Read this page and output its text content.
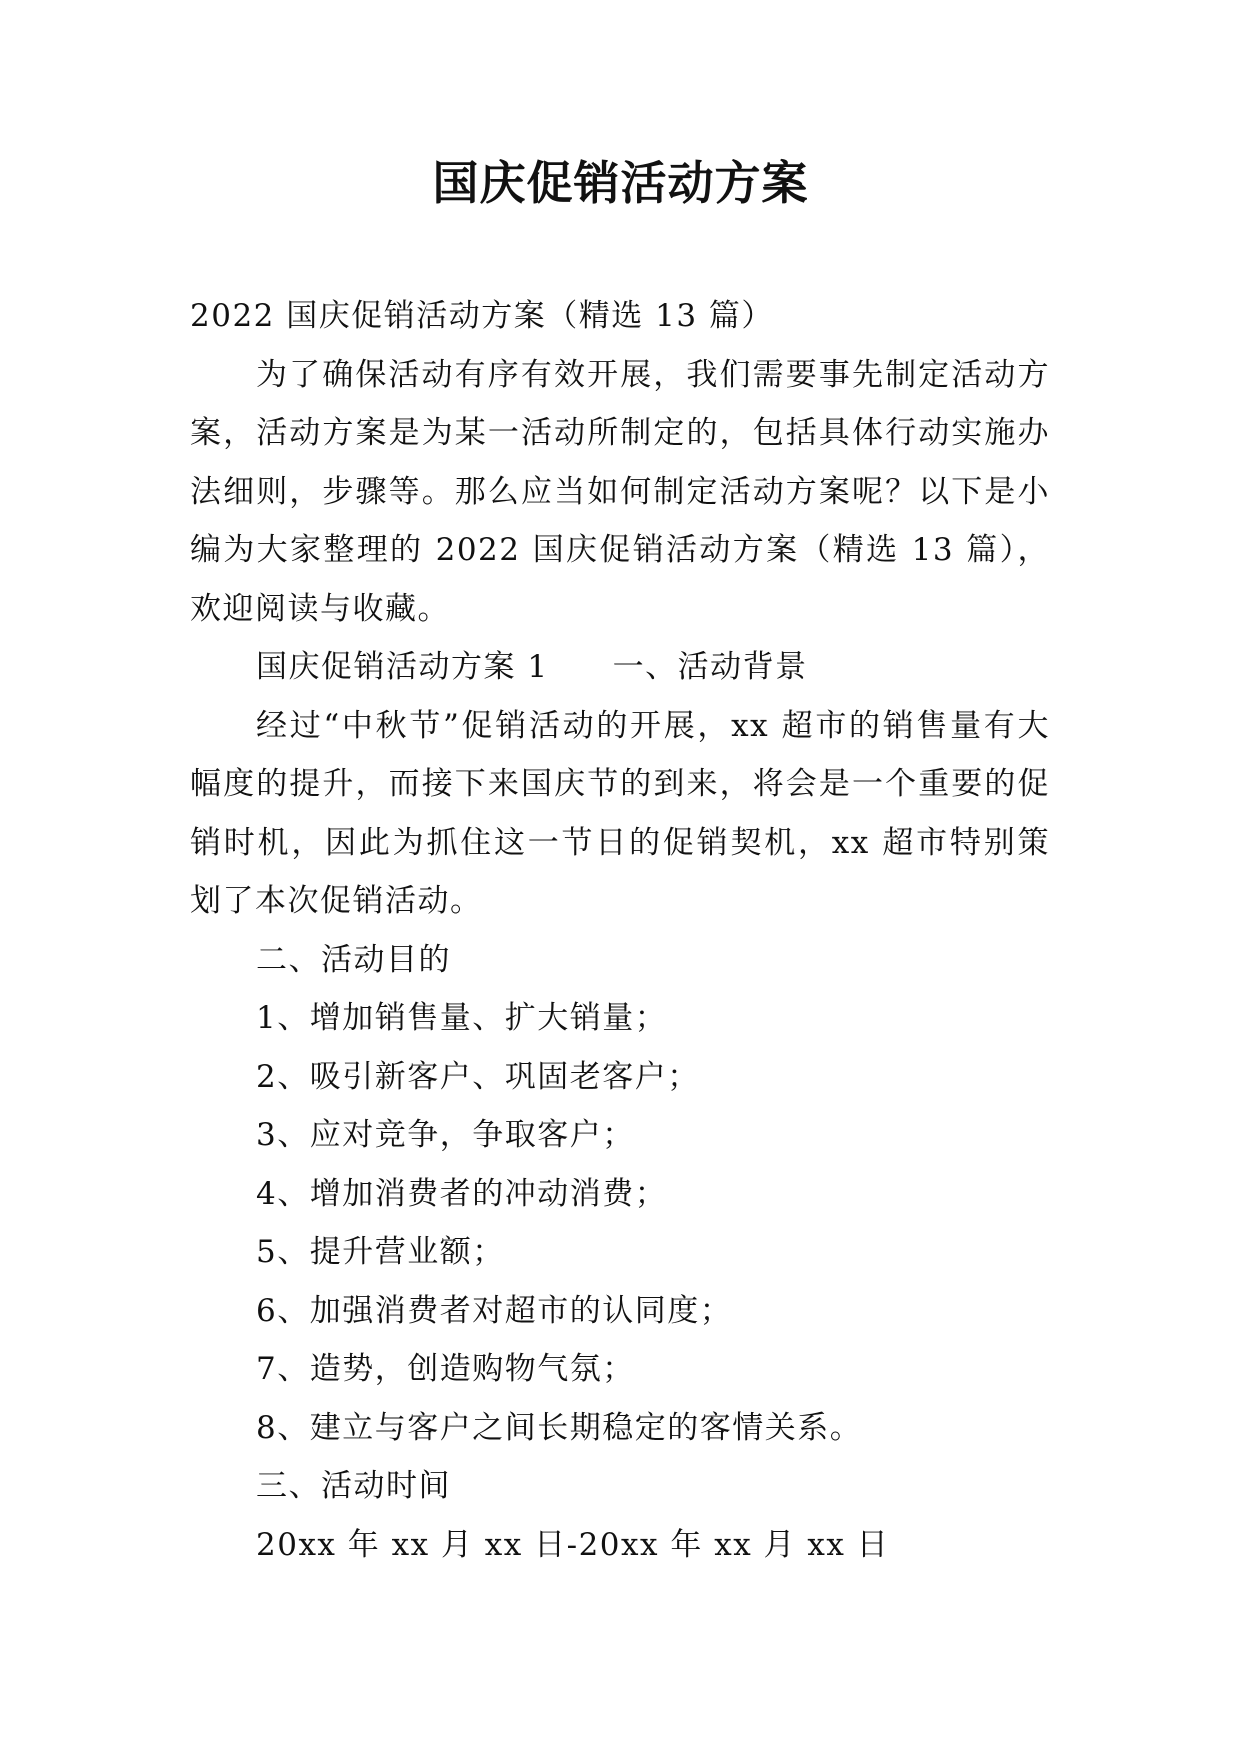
国庆促销活动方案

2022 国庆促销活动方案（精选 13 篇）

为了确保活动有序有效开展，我们需要事先制定活动方案，活动方案是为某一活动所制定的，包括具体行动实施办法细则，步骤等。那么应当如何制定活动方案呢？以下是小编为大家整理的 2022 国庆促销活动方案（精选 13 篇），欢迎阅读与收藏。

国庆促销活动方案 1 一、活动背景

经过“中秋节”促销活动的开展，xx 超市的销售量有大幅度的提升，而接下来国庆节的到来，将会是一个重要的促销时机，因此为抓住这一节日的促销契机，xx 超市特别策划了本次促销活动。

二、活动目的

1、增加销售量、扩大销量；

2、吸引新客户、巩固老客户；

3、应对竞争，争取客户；

4、增加消费者的冲动消费；

5、提升营业额；

6、加强消费者对超市的认同度；

7、造势，创造购物气氛；

8、建立与客户之间长期稳定的客情关系。

三、活动时间

20xx 年 xx 月 xx 日-20xx 年 xx 月 xx 日
